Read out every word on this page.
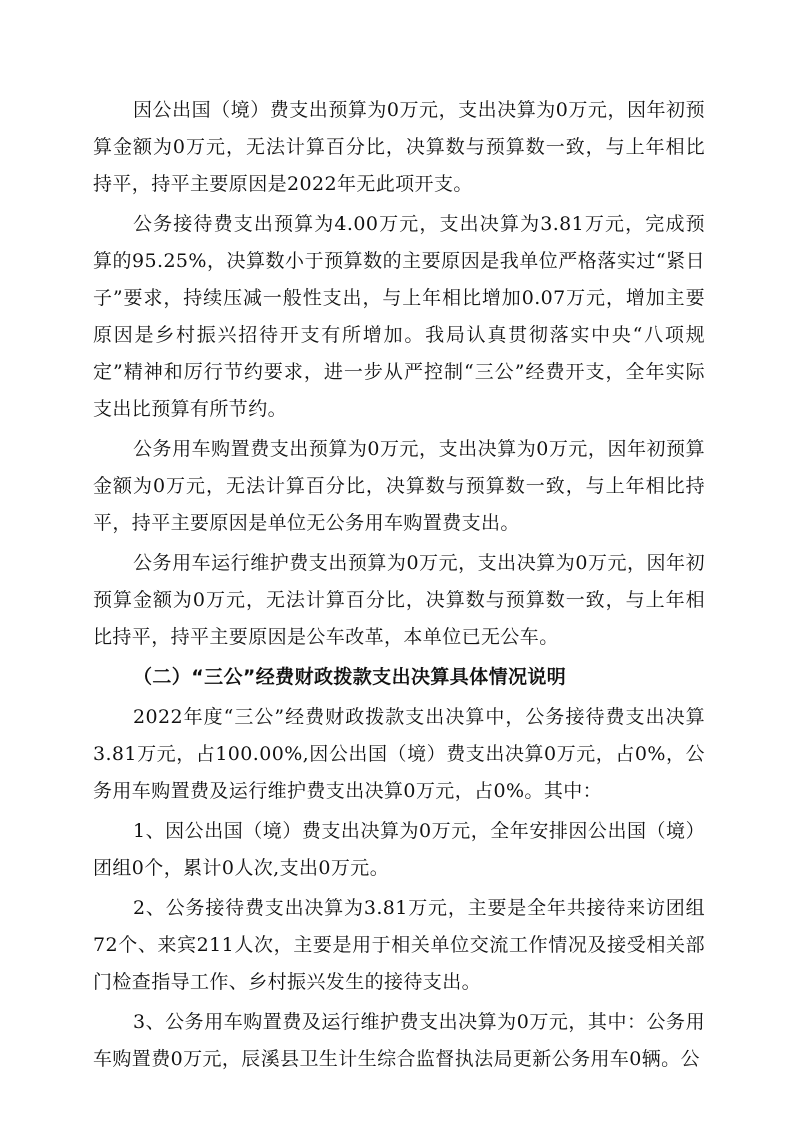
因公出国（境）费支出预算为0万元，支出决算为0万元，因年初预算金额为0万元，无法计算百分比，决算数与预算数一致，与上年相比持平，持平主要原因是2022年无此项开支。

公务接待费支出预算为4.00万元，支出决算为3.81万元，完成预算的95.25%，决算数小于预算数的主要原因是我单位严格落实过“紧日子”要求，持续压减一般性支出，与上年相比增加0.07万元，增加主要原因是乡村振兴招待开支有所增加。我局认真贯彻落实中央“八项规定”精神和厉行节约要求，进一步从严控制“三公”经费开支，全年实际支出比预算有所节约。

公务用车购置费支出预算为0万元，支出决算为0万元，因年初预算金额为0万元，无法计算百分比，决算数与预算数一致，与上年相比持平，持平主要原因是单位无公务用车购置费支出。

公务用车运行维护费支出预算为0万元，支出决算为0万元，因年初预算金额为0万元，无法计算百分比，决算数与预算数一致，与上年相比持平，持平主要原因是公车改革，本单位已无公车。

（二）“三公”经费财政拨款支出决算具体情况说明

2022年度“三公”经费财政拨款支出决算中，公务接待费支出决算3.81万元，占100.00%,因公出国（境）费支出决算0万元，占0%，公务用车购置费及运行维护费支出决算0万元，占0%。其中：

1、因公出国（境）费支出决算为0万元，全年安排因公出国（境）团组0个，累计0人次,支出0万元。

2、公务接待费支出决算为3.81万元，主要是全年共接待来访团组72个、来宾211人次，主要是用于相关单位交流工作情况及接受相关部门检查指导工作、乡村振兴发生的接待支出。

3、公务用车购置费及运行维护费支出决算为0万元，其中：公务用车购置费0万元，辰溪县卫生计生综合监督执法局更新公务用车0辆。公
